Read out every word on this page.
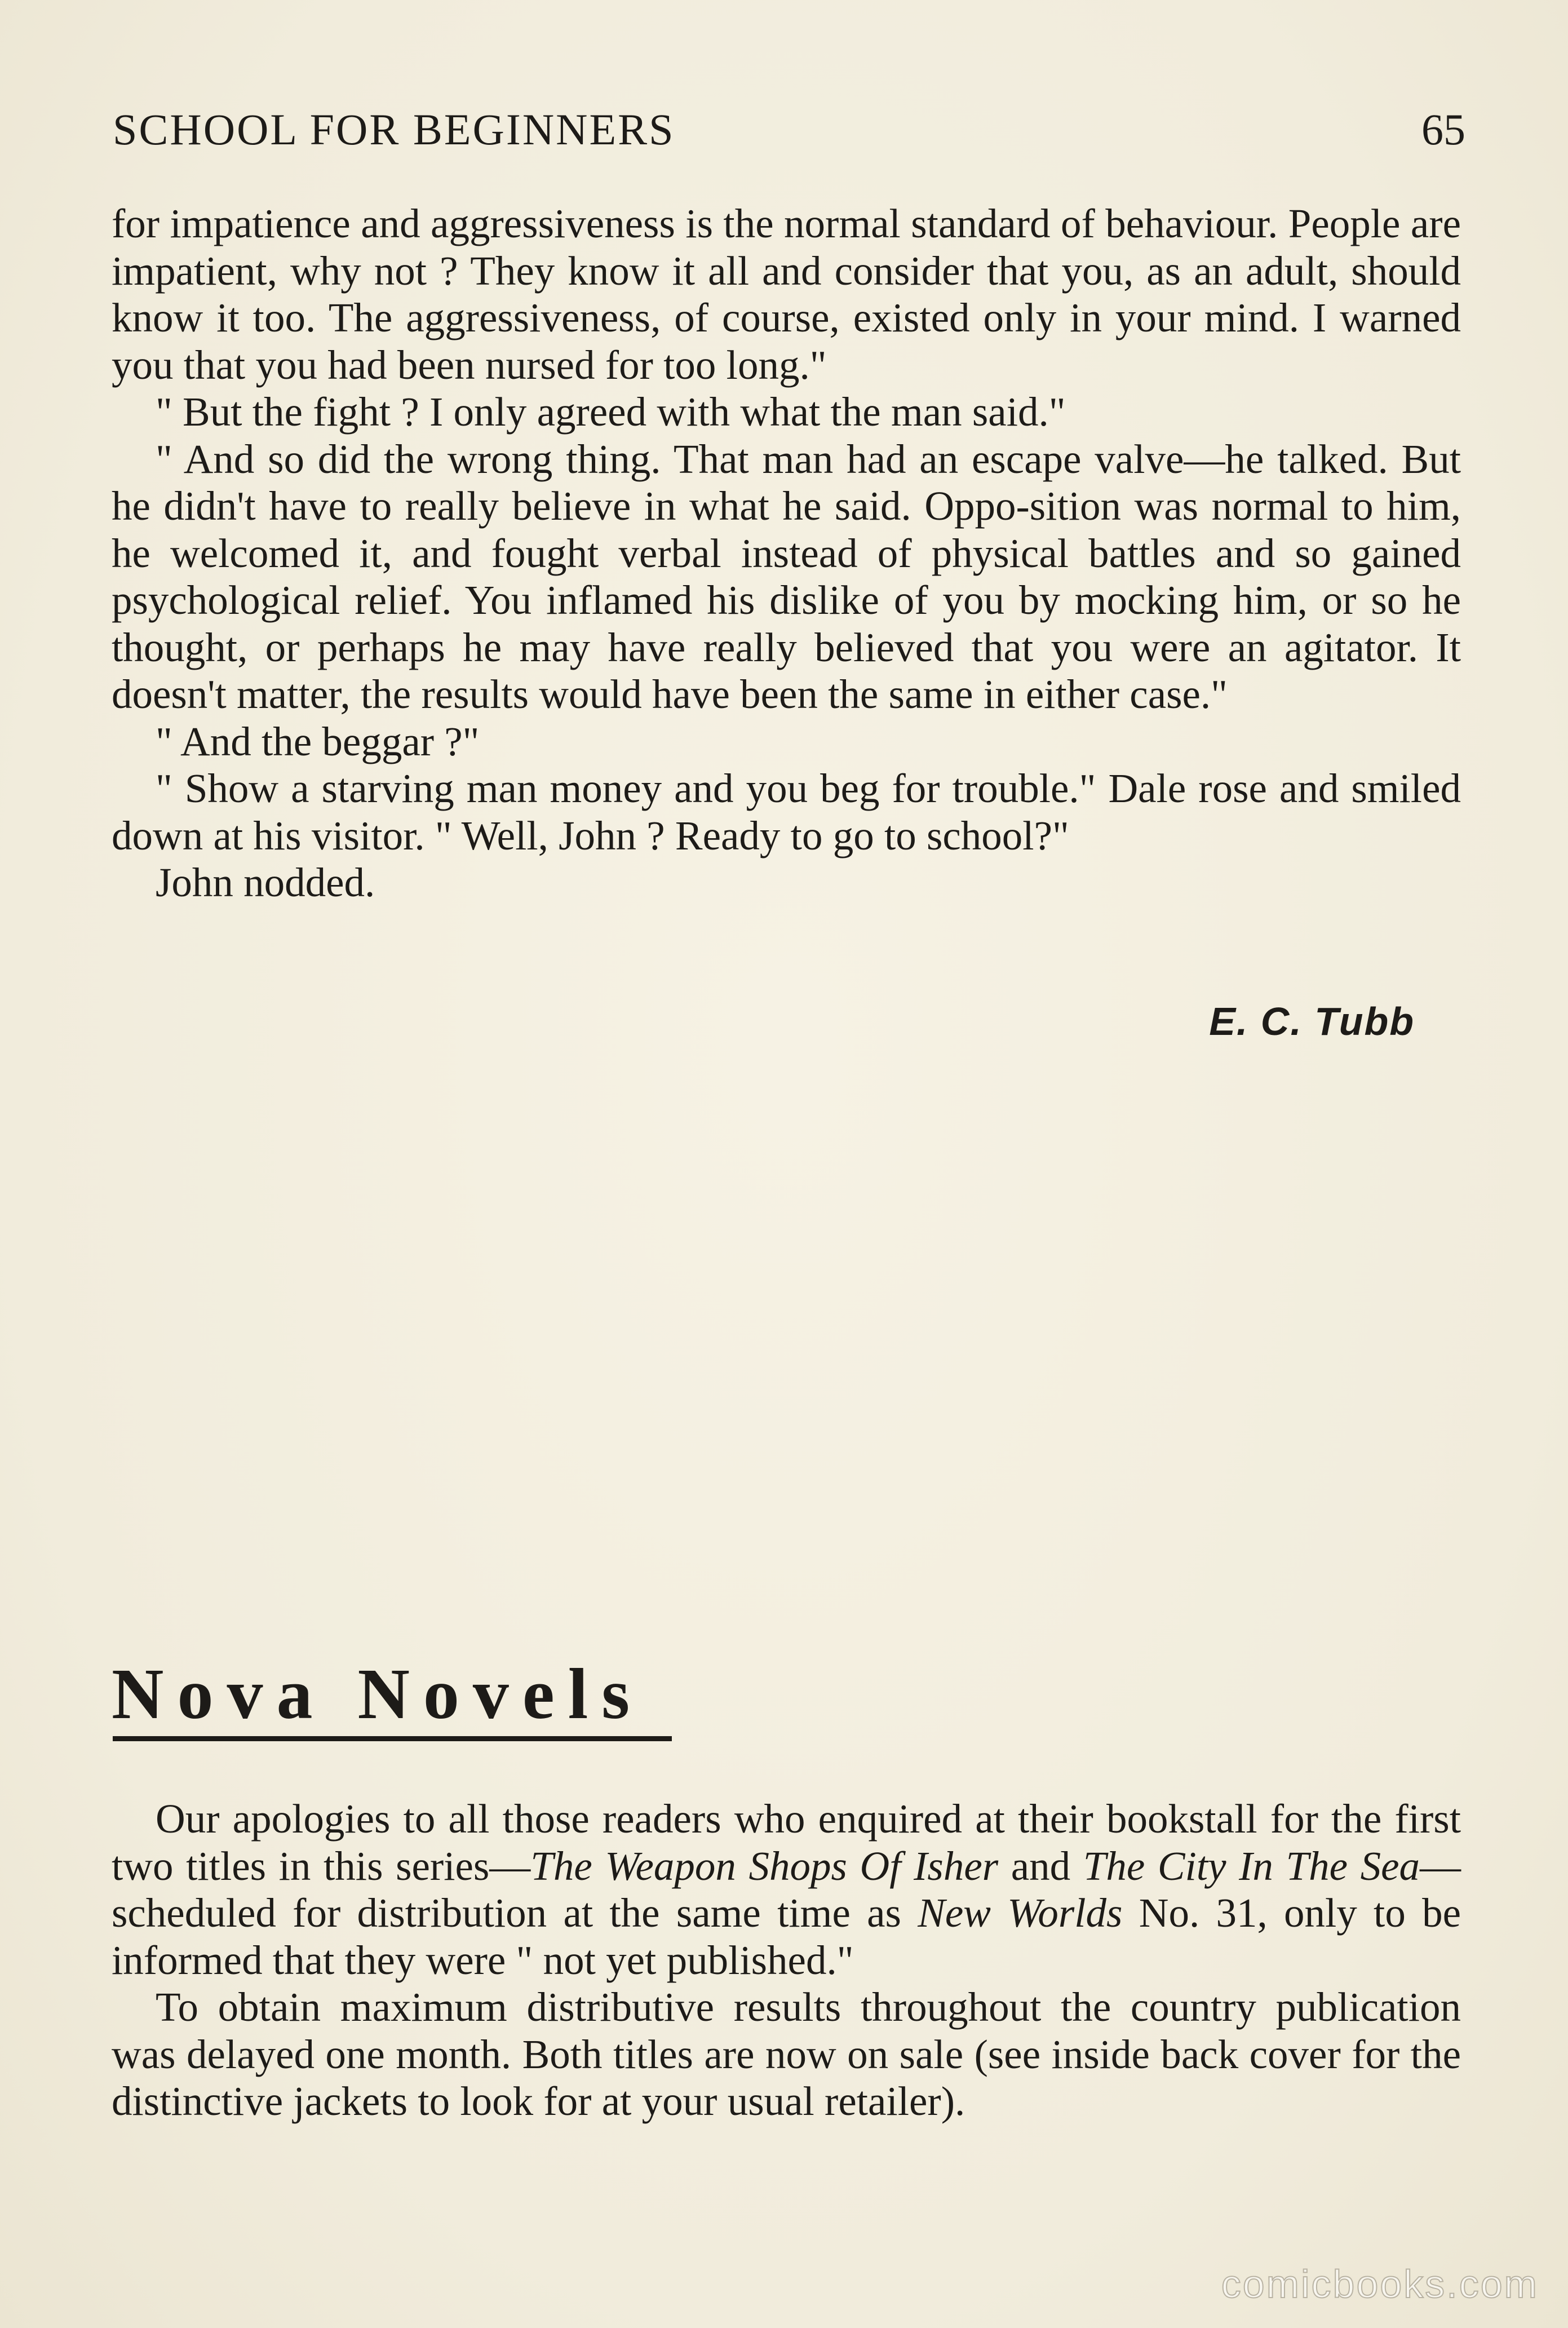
SCHOOL FOR BEGINNERS	65

for impatience and aggressiveness is the normal standard of behaviour. People are impatient, why not ? They know it all and consider that you, as an adult, should know it too. The aggressiveness, of course, existed only in your mind. I warned you that you had been nursed for too long."

" But the fight ? I only agreed with what the man said."

" And so did the wrong thing. That man had an escape valve—he talked. But he didn't have to really believe in what he said. Oppo-sition was normal to him, he welcomed it, and fought verbal instead of physical battles and so gained psychological relief. You inflamed his dislike of you by mocking him, or so he thought, or perhaps he may have really believed that you were an agitator. It doesn't matter, the results would have been the same in either case."

" And the beggar ?"

" Show a starving man money and you beg for trouble." Dale rose and smiled down at his visitor. " Well, John ? Ready to go to school?"

John nodded.

E. C. Tubb
Nova Novels

Our apologies to all those readers who enquired at their bookstall for the first two titles in this series—The Weapon Shops Of Isher and The City In The Sea—scheduled for distribution at the same time as New Worlds No. 31, only to be informed that they were " not yet published."

To obtain maximum distributive results throughout the country publication was delayed one month. Both titles are now on sale (see inside back cover for the distinctive jackets to look for at your usual retailer).

comicbooks.com
